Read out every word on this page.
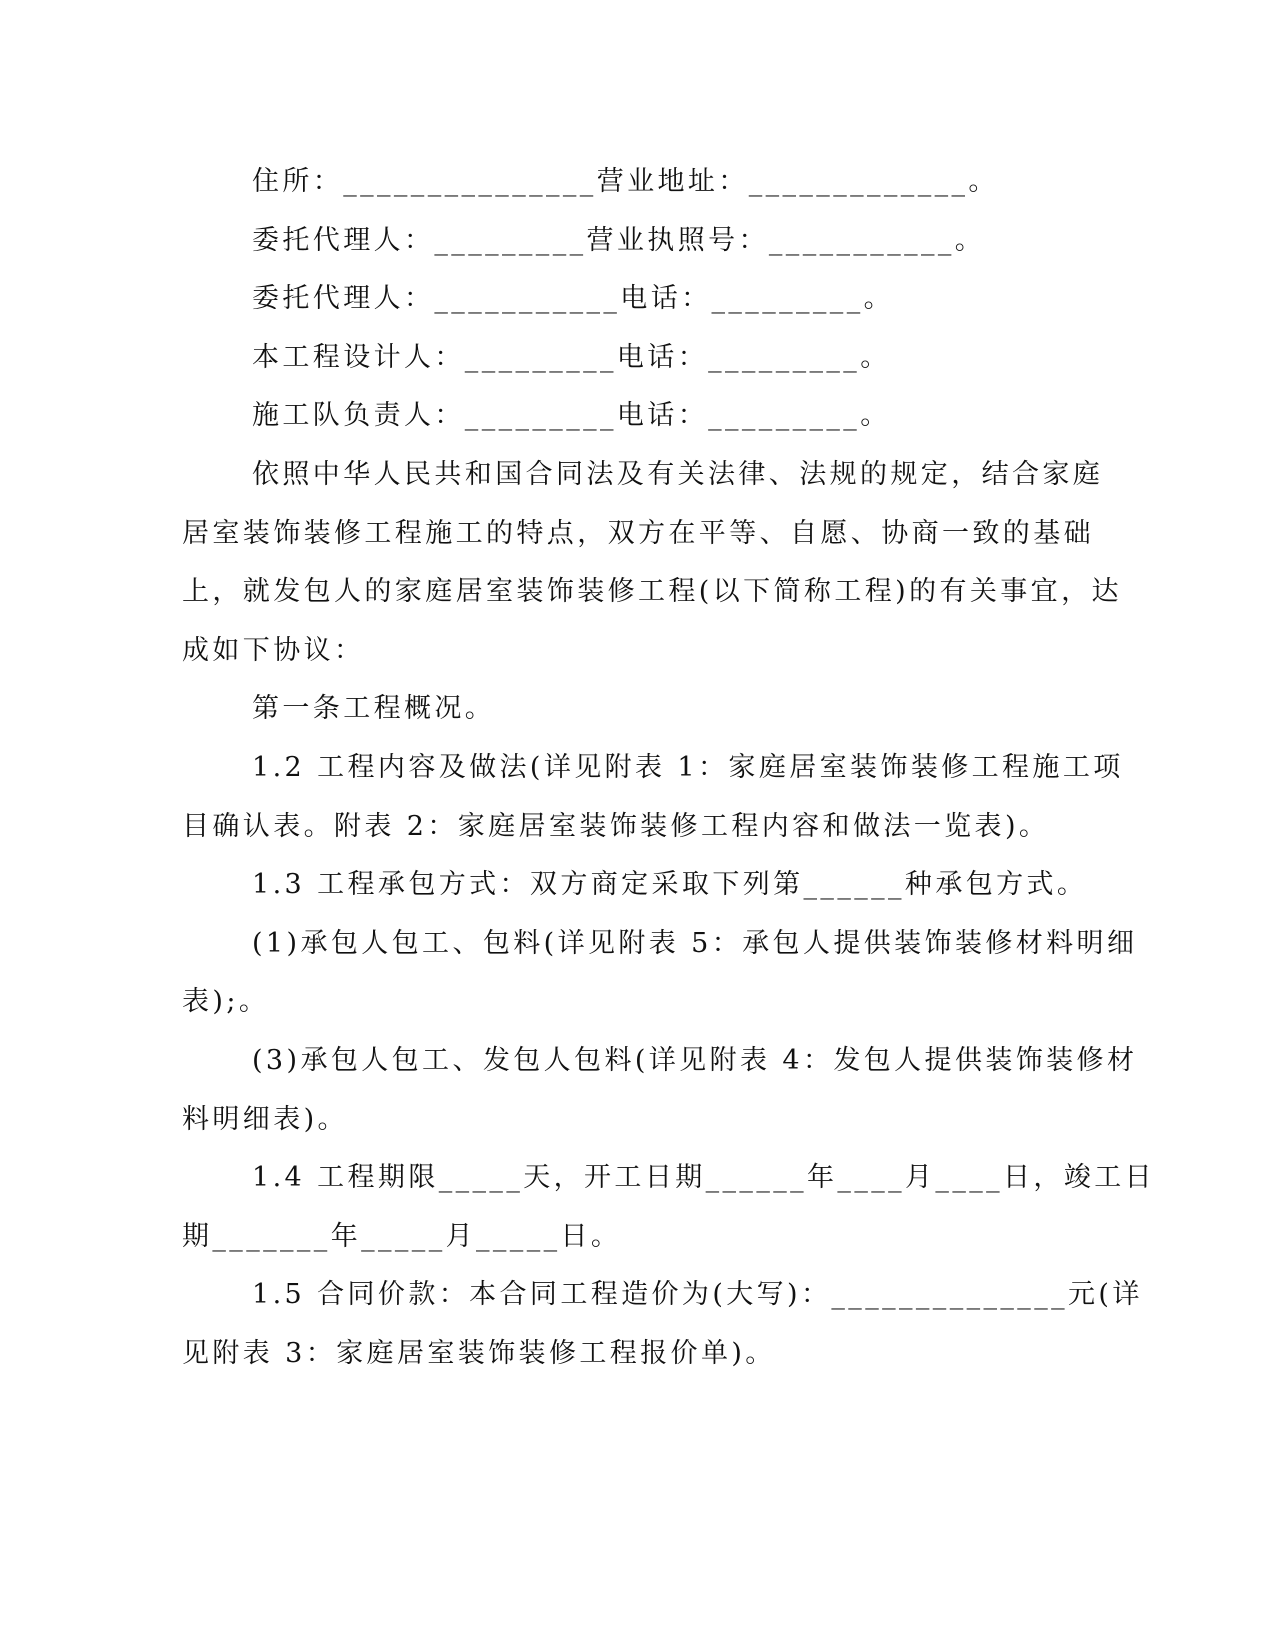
住所：_______________营业地址：_____________。
委托代理人：_________营业执照号：___________。
委托代理人：___________电话：_________。
本工程设计人：_________电话：_________。
施工队负责人：_________电话：_________。
依照中华人民共和国合同法及有关法律、法规的规定，结合家庭
居室装饰装修工程施工的特点，双方在平等、自愿、协商一致的基础
上，就发包人的家庭居室装饰装修工程(以下简称工程)的有关事宜，达
成如下协议：
第一条工程概况。
1.2 工程内容及做法(详见附表 1：家庭居室装饰装修工程施工项
目确认表。附表 2：家庭居室装饰装修工程内容和做法一览表)。
1.3 工程承包方式：双方商定采取下列第______种承包方式。
(1)承包人包工、包料(详见附表 5：承包人提供装饰装修材料明细
表);。
(3)承包人包工、发包人包料(详见附表 4：发包人提供装饰装修材
料明细表)。
1.4 工程期限_____天，开工日期______年____月____日，竣工日
期_______年_____月_____日。
1.5 合同价款：本合同工程造价为(大写)：______________元(详
见附表 3：家庭居室装饰装修工程报价单)。
